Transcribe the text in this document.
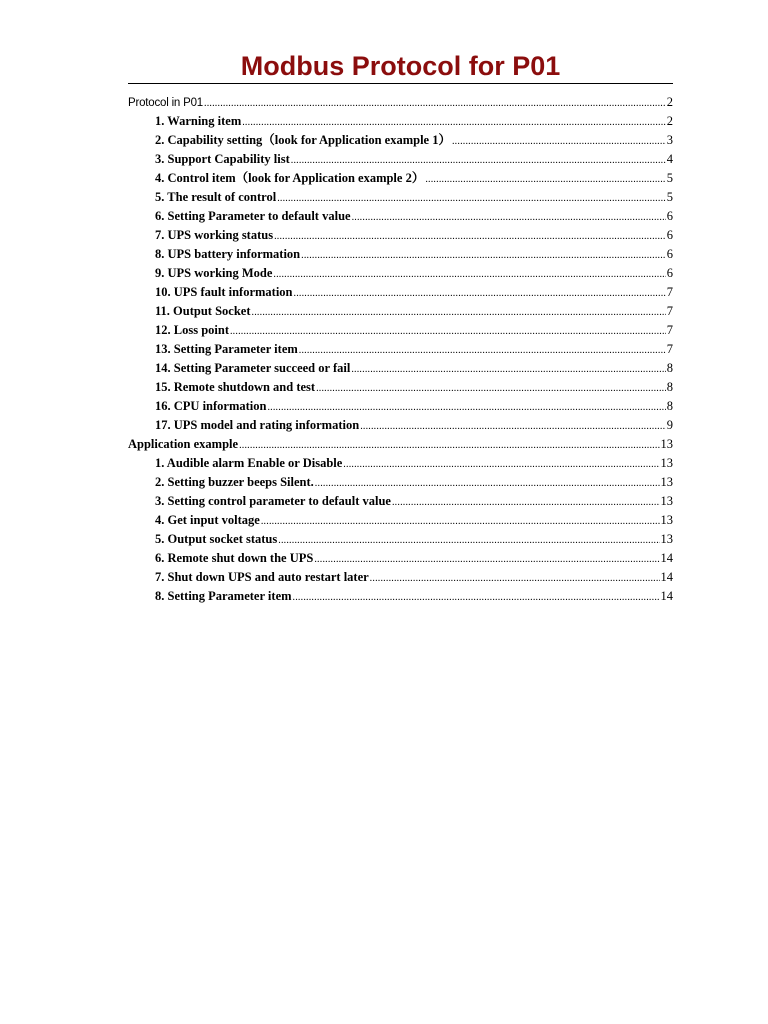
Modbus Protocol for P01
Protocol in P01 .....	2
1. Warning item .....	2
2. Capability setting（look for Application example 1） .....	3
3. Support Capability list .....	4
4. Control item（look for Application example 2） .....	5
5. The result of control .....	5
6. Setting Parameter to default value .....	6
7. UPS working status .....	6
8. UPS battery information .....	6
9. UPS working Mode .....	6
10. UPS fault information .....	7
11. Output Socket .....	7
12. Loss point .....	7
13. Setting Parameter item .....	7
14. Setting Parameter succeed or fail .....	8
15. Remote shutdown and test .....	8
16. CPU information .....	8
17. UPS model and rating information .....	9
Application example .....	13
1. Audible alarm Enable or Disable .....	13
2. Setting buzzer beeps Silent. .....	13
3. Setting control parameter to default value .....	13
4. Get input voltage .....	13
5. Output socket status .....	13
6. Remote shut down the UPS .....	14
7. Shut down UPS and auto restart later .....	14
8. Setting Parameter item .....	14
